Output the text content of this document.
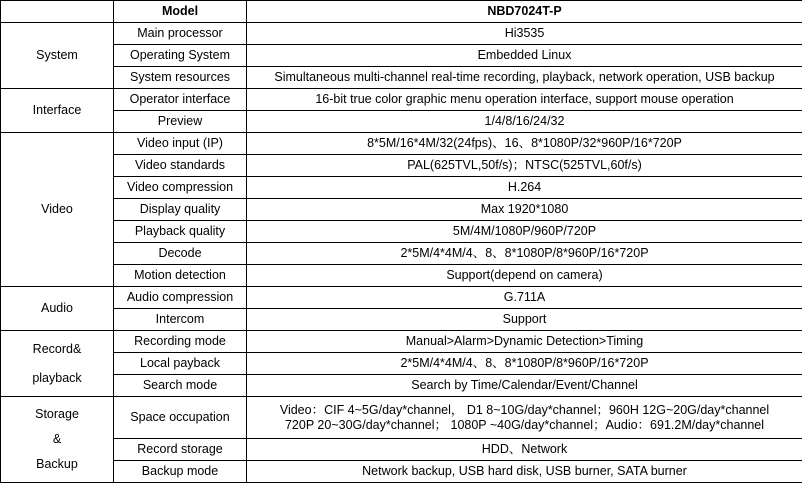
	Model	NBD7024T-P

System	Main processor	Hi3535
	Operating System	Embedded Linux
	System resources	Simultaneous multi-channel real-time recording, playback, network operation, USB backup

Interface	Operator interface	16-bit true color graphic menu operation interface, support mouse operation
	Preview	1/4/8/16/24/32

Video	Video input (IP)	8*5M/16*4M/32(24fps)、16、8*1080P/32*960P/16*720P
	Video standards	PAL(625TVL,50f/s)；NTSC(525TVL,60f/s)
	Video compression	H.264
	Display quality	Max 1920*1080
	Playback quality	5M/4M/1080P/960P/720P
	Decode	2*5M/4*4M/4、8、8*1080P/8*960P/16*720P
	Motion detection	Support(depend on camera)

Audio	Audio compression	G.711A
	Intercom	Support

Record&
playback	Recording mode	Manual>Alarm>Dynamic Detection>Timing
	Local payback	2*5M/4*4M/4、8、8*1080P/8*960P/16*720P
	Search mode	Search by Time/Calendar/Event/Channel

Storage
&
Backup	Space occupation	Video：CIF 4~5G/day*channel， D1 8~10G/day*channel；960H 12G~20G/day*channel
720P 20~30G/day*channel； 1080P ~40G/day*channel；Audio：691.2M/day*channel

	Record storage	HDD、Network
	Backup mode	Network backup, USB hard disk, USB burner, SATA burner
